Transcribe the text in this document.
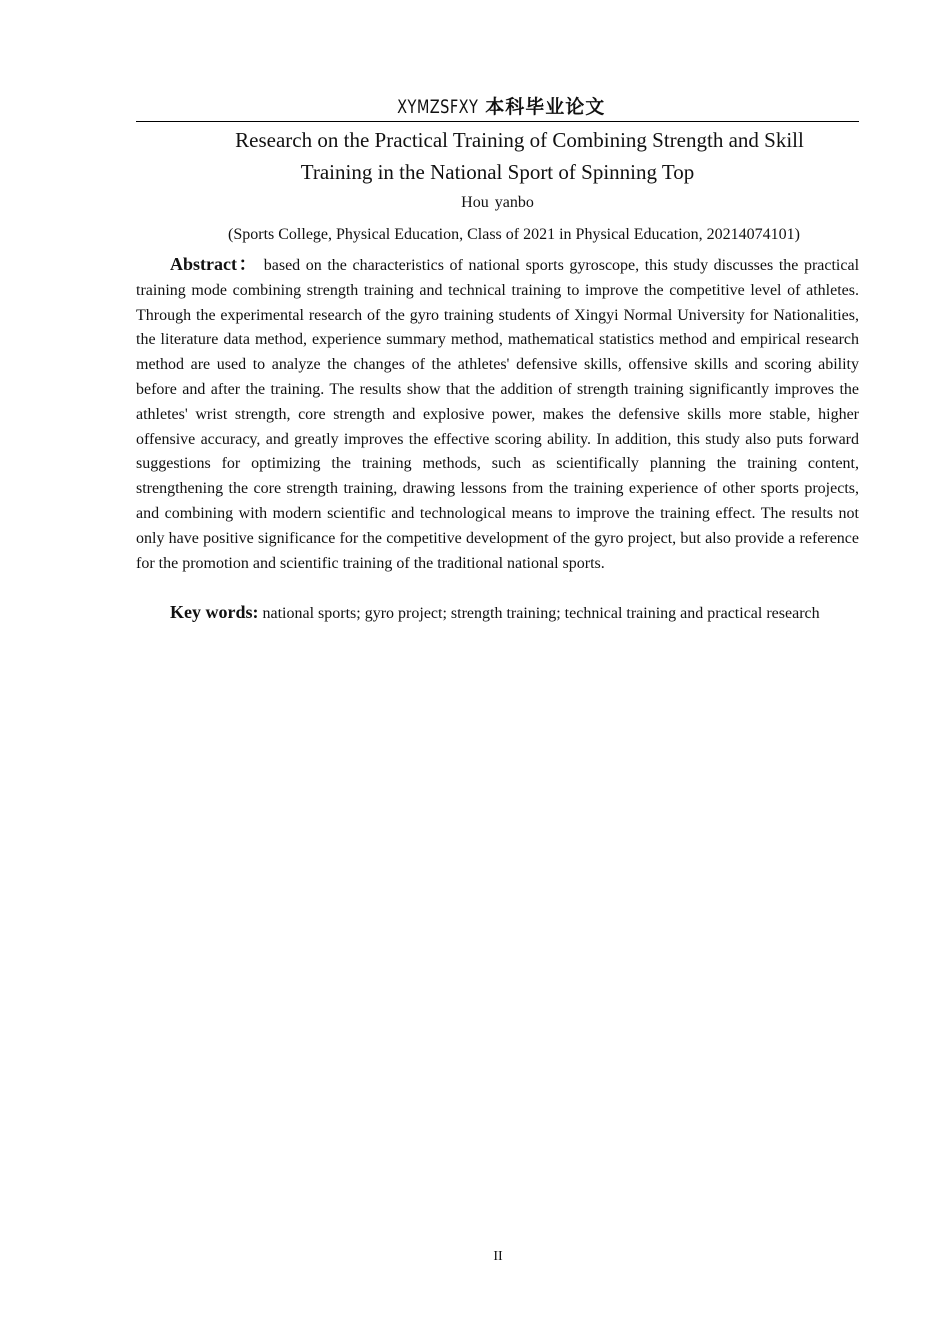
XYMZSFXY 本科毕业论文
Research on the Practical Training of Combining Strength and Skill
Training in the National Sport of Spinning Top
Hou yanbo
(Sports College, Physical Education, Class of 2021 in Physical Education, 20214074101)

Abstract： based on the characteristics of national sports gyroscope, this study discusses the practical training mode combining strength training and technical training to improve the competitive level of athletes. Through the experimental research of the gyro training students of Xingyi Normal University for Nationalities, the literature data method, experience summary method, mathematical statistics method and empirical research method are used to analyze the changes of the athletes' defensive skills, offensive skills and scoring ability before and after the training. The results show that the addition of strength training significantly improves the athletes' wrist strength, core strength and explosive power, makes the defensive skills more stable, higher offensive accuracy, and greatly improves the effective scoring ability. In addition, this study also puts forward suggestions for optimizing the training methods, such as scientifically planning the training content, strengthening the core strength training, drawing lessons from the training experience of other sports projects, and combining with modern scientific and technological means to improve the training effect. The results not only have positive significance for the competitive development of the gyro project, but also provide a reference for the promotion and scientific training of the traditional national sports.

Key words: national sports; gyro project; strength training; technical training and practical research

II
